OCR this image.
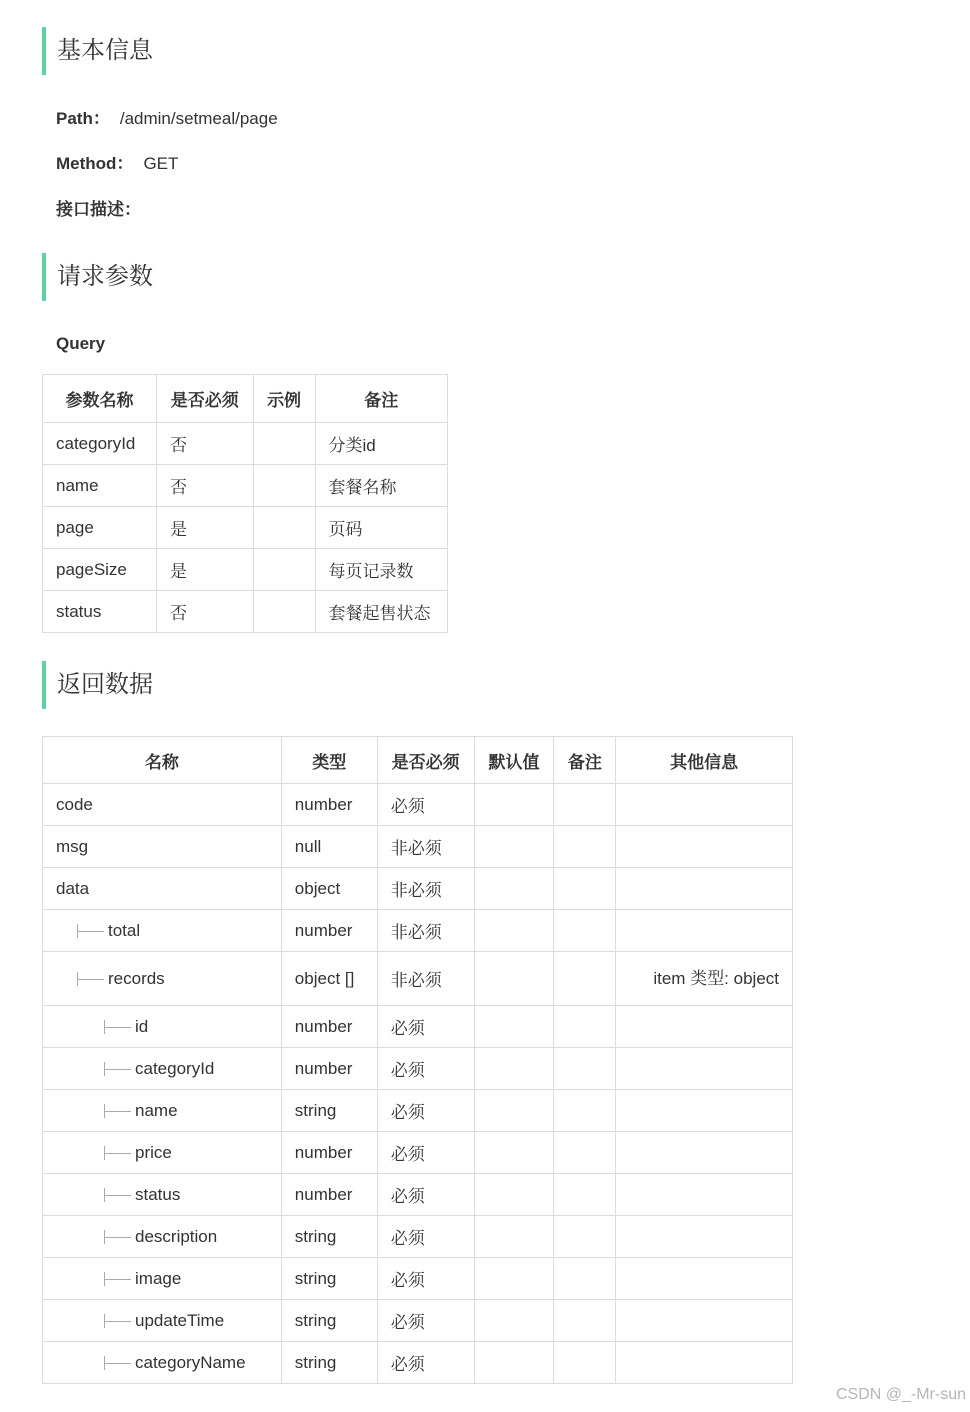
基本信息
Path： /admin/setmeal/page
Method： GET
接口描述：
请求参数
Query
参数名称	是否必须	示例	备注
categoryId	否		分类id
name	否		套餐名称
page	是		页码
pageSize	是		每页记录数
status	否		套餐起售状态
返回数据
名称	类型	是否必须	默认值	备注	其他信息
code	number	必须			
msg	null	非必须			
data	object	非必须			
total	number	非必须			
records	object []	非必须			item 类型: object
id	number	必须			
categoryId	number	必须			
name	string	必须			
price	number	必须			
status	number	必须			
description	string	必须			
image	string	必须			
updateTime	string	必须			
categoryName	string	必须			
CSDN @_-Mr-sun
